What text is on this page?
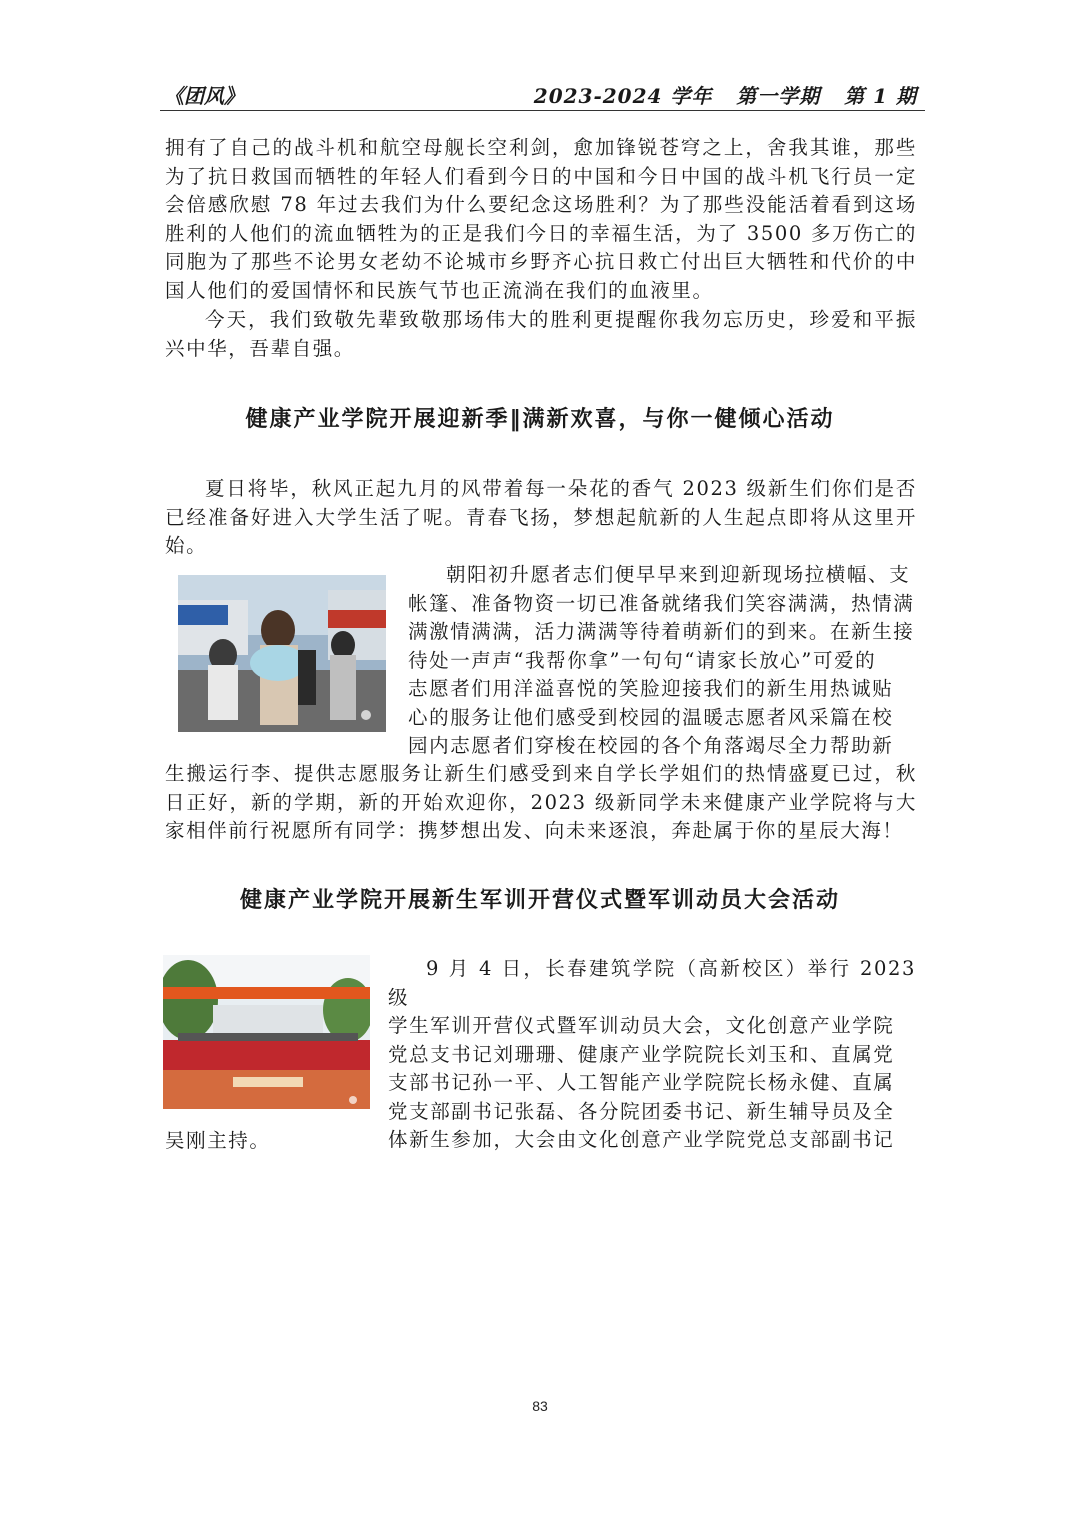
《团风》	2023-2024 学年   第一学期   第 1 期

拥有了自己的战斗机和航空母舰长空利剑，愈加锋锐苍穹之上，舍我其谁，那些为了抗日救国而牺牲的年轻人们看到今日的中国和今日中国的战斗机飞行员一定会倍感欣慰 78 年过去我们为什么要纪念这场胜利？为了那些没能活着看到这场胜利的人他们的流血牺牲为的正是我们今日的幸福生活，为了 3500 多万伤亡的同胞为了那些不论男女老幼不论城市乡野齐心抗日救亡付出巨大牺牲和代价的中国人他们的爱国情怀和民族气节也正流淌在我们的血液里。

今天，我们致敬先辈致敬那场伟大的胜利更提醒你我勿忘历史，珍爱和平振兴中华，吾辈自强。

健康产业学院开展迎新季‖满新欢喜，与你一健倾心活动

夏日将毕，秋风正起九月的风带着每一朵花的香气 2023 级新生们你们是否已经准备好进入大学生活了呢。青春飞扬，梦想起航新的人生起点即将从这里开始。

朝阳初升愿者志们便早早来到迎新现场拉横幅、支
帐篷、准备物资一切已准备就绪我们笑容满满，热情满
满激情满满，活力满满等待着萌新们的到来。在新生接
待处一声声“我帮你拿”一句句“请家长放心”可爱的
志愿者们用洋溢喜悦的笑脸迎接我们的新生用热诚贴
心的服务让他们感受到校园的温暖志愿者风采篇在校
园内志愿者们穿梭在校园的各个角落竭尽全力帮助新

生搬运行李、提供志愿服务让新生们感受到来自学长学姐们的热情盛夏已过，秋日正好，新的学期，新的开始欢迎你，2023 级新同学未来健康产业学院将与大家相伴前行祝愿所有同学：携梦想出发、向未来逐浪，奔赴属于你的星辰大海！

健康产业学院开展新生军训开营仪式暨军训动员大会活动
9 月 4 日，长春建筑学院（高新校区）举行 2023 级
学生军训开营仪式暨军训动员大会，文化创意产业学院
党总支书记刘珊珊、健康产业学院院长刘玉和、直属党
支部书记孙一平、人工智能产业学院院长杨永健、直属
党支部副书记张磊、各分院团委书记、新生辅导员及全
体新生参加，大会由文化创意产业学院党总支部副书记

吴刚主持。

83
